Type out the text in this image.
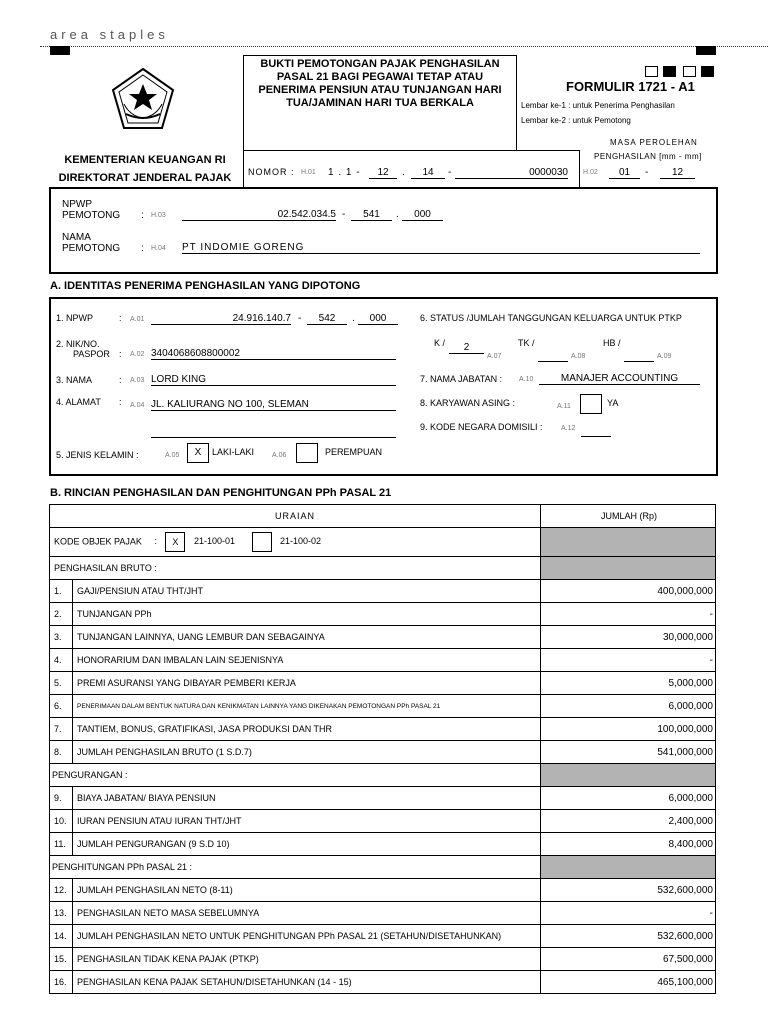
area staples
KEMENTERIAN KEUANGAN RI
DIREKTORAT JENDERAL PAJAK
BUKTI PEMOTONGAN PAJAK PENGHASILAN
PASAL 21 BAGI PEGAWAI TETAP ATAU
PENERIMA PENSIUN ATAU TUNJANGAN HARI
TUA/JAMINAN HARI TUA BERKALA
FORMULIR 1721 - A1
Lembar ke-1 : untuk Penerima Penghasilan
Lembar ke-2 : untuk Pemotong
MASA PEROLEHAN
PENGHASILAN [mm - mm]
NOMOR : H.01 1 . 1 -	12	.	14	-	0000030 H.02	01	-	12
NPWP
PEMOTONG : H.03	02.542.034.5 -	541	.	000
NAMA
PEMOTONG : H.04 PT INDOMIE GORENG
A. IDENTITAS PENERIMA PENGHASILAN YANG DIPOTONG
1. NPWP	: A.01	24.916.140.7 -	542	.	000
2. NIK/NO.
PASPOR : A.02 3404068608800002
3. NAMA	: A.03 LORD KING
4. ALAMAT : A.04 JL. KALIURANG NO 100, SLEMAN
5. JENIS KELAMIN :	A.05	X	LAKI-LAKI	A.06	PEREMPUAN
6. STATUS /JUMLAH TANGGUNGAN KELUARGA UNTUK PTKP
K /	2
A.07
TK /
A.08
HB /
A.09
7. NAMA JABATAN : A.10	MANAJER ACCOUNTING
8. KARYAWAN ASING :	A.11	YA
9. KODE NEGARA DOMISILI :	A.12
B. RINCIAN PENGHASILAN DAN PENGHITUNGAN PPh PASAL 21
URAIAN		JUMLAH (Rp)
KODE OBJEK PAJAK : X 21-100-01 21-100-02		
PENGHASILAN BRUTO :		
1.	GAJI/PENSIUN ATAU THT/JHT	400,000,000
2.	TUNJANGAN PPh	-
3.	TUNJANGAN LAINNYA, UANG LEMBUR DAN SEBAGAINYA	30,000,000
4.	HONORARIUM DAN IMBALAN LAIN SEJENISNYA	-
5.	PREMI ASURANSI YANG DIBAYAR PEMBERI KERJA	5,000,000
6.	PENERIMAAN DALAM BENTUK NATURA DAN KENIKMATAN LAINNYA YANG DIKENAKAN PEMOTONGAN PPh PASAL 21	6,000,000
7.	TANTIEM, BONUS, GRATIFIKASI, JASA PRODUKSI DAN THR	100,000,000
8.	JUMLAH PENGHASILAN BRUTO (1 S.D.7)	541,000,000
PENGURANGAN :		
9.	BIAYA JABATAN/ BIAYA PENSIUN	6,000,000
10.	IURAN PENSIUN ATAU IURAN THT/JHT	2,400,000
11.	JUMLAH PENGURANGAN (9 S.D 10)	8,400,000
PENGHITUNGAN PPh PASAL 21 :		
12.	JUMLAH PENGHASILAN NETO (8-11)	532,600,000
13.	PENGHASILAN NETO MASA SEBELUMNYA	-
14.	JUMLAH PENGHASILAN NETO UNTUK PENGHITUNGAN PPh PASAL 21 (SETAHUN/DISETAHUNKAN)	532,600,000
15.	PENGHASILAN TIDAK KENA PAJAK (PTKP)	67,500,000
16.	PENGHASILAN KENA PAJAK SETAHUN/DISETAHUNKAN (14 - 15)	465,100,000
